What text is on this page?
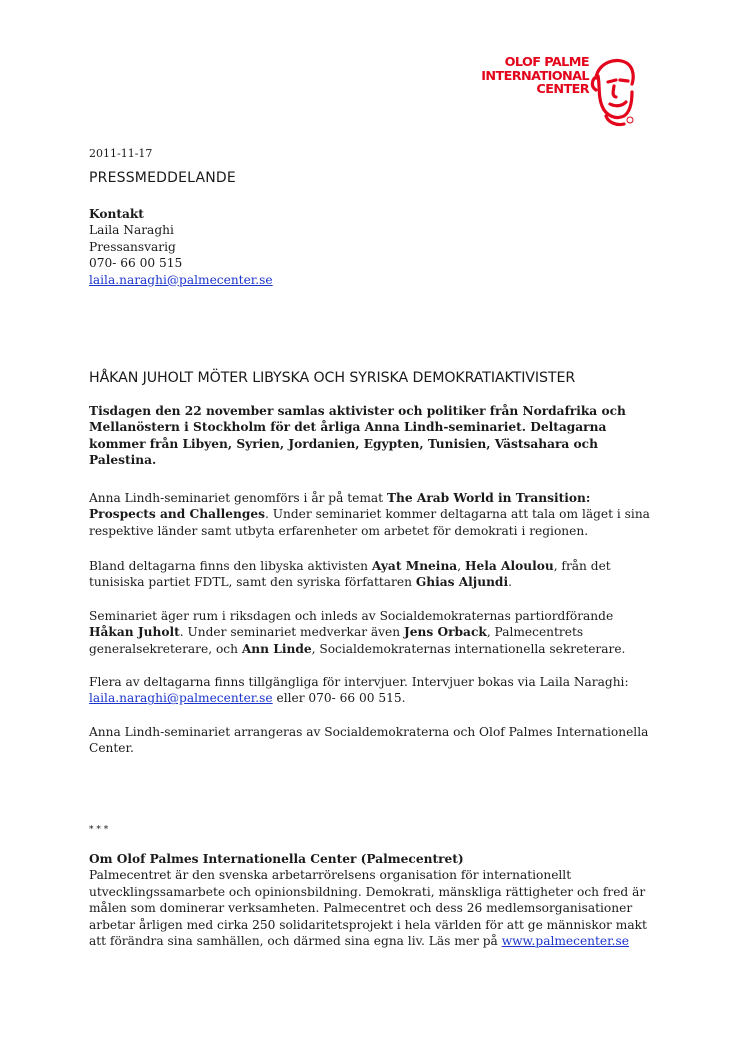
OLOF PALME
INTERNATIONAL
CENTER
2011-11-17
PRESSMEDDELANDE
Kontakt
Laila Naraghi
Pressansvarig
070- 66 00 515
laila.naraghi@palmecenter.se
HÅKAN JUHOLT MÖTER LIBYSKA OCH SYRISKA DEMOKRATIAKTIVISTER

Tisdagen den 22 november samlas aktivister och politiker från Nordafrika och Mellanöstern i Stockholm för det årliga Anna Lindh-seminariet. Deltagarna kommer från Libyen, Syrien, Jordanien, Egypten, Tunisien, Västsahara och Palestina.

Anna Lindh-seminariet genomförs i år på temat The Arab World in Transition: Prospects and Challenges. Under seminariet kommer deltagarna att tala om läget i sina respektive länder samt utbyta erfarenheter om arbetet för demokrati i regionen.

Bland deltagarna finns den libyska aktivisten Ayat Mneina, Hela Aloulou, från det tunisiska partiet FDTL, samt den syriska författaren Ghias Aljundi.

Seminariet äger rum i riksdagen och inleds av Socialdemokraternas partiordförande Håkan Juholt. Under seminariet medverkar även Jens Orback, Palmecentrets generalsekreterare, och Ann Linde, Socialdemokraternas internationella sekreterare.

Flera av deltagarna finns tillgängliga för intervjuer. Intervjuer bokas via Laila Naraghi: laila.naraghi@palmecenter.se eller 070- 66 00 515.

Anna Lindh-seminariet arrangeras av Socialdemokraterna och Olof Palmes Internationella Center.

* * *
Om Olof Palmes Internationella Center (Palmecentret)

Palmecentret är den svenska arbetarrörelsens organisation för internationellt utvecklingssamarbete och opinionsbildning. Demokrati, mänskliga rättigheter och fred är målen som dominerar verksamheten. Palmecentret och dess 26 medlemsorganisationer arbetar årligen med cirka 250 solidaritetsprojekt i hela världen för att ge människor makt att förändra sina samhällen, och därmed sina egna liv. Läs mer på www.palmecenter.se
